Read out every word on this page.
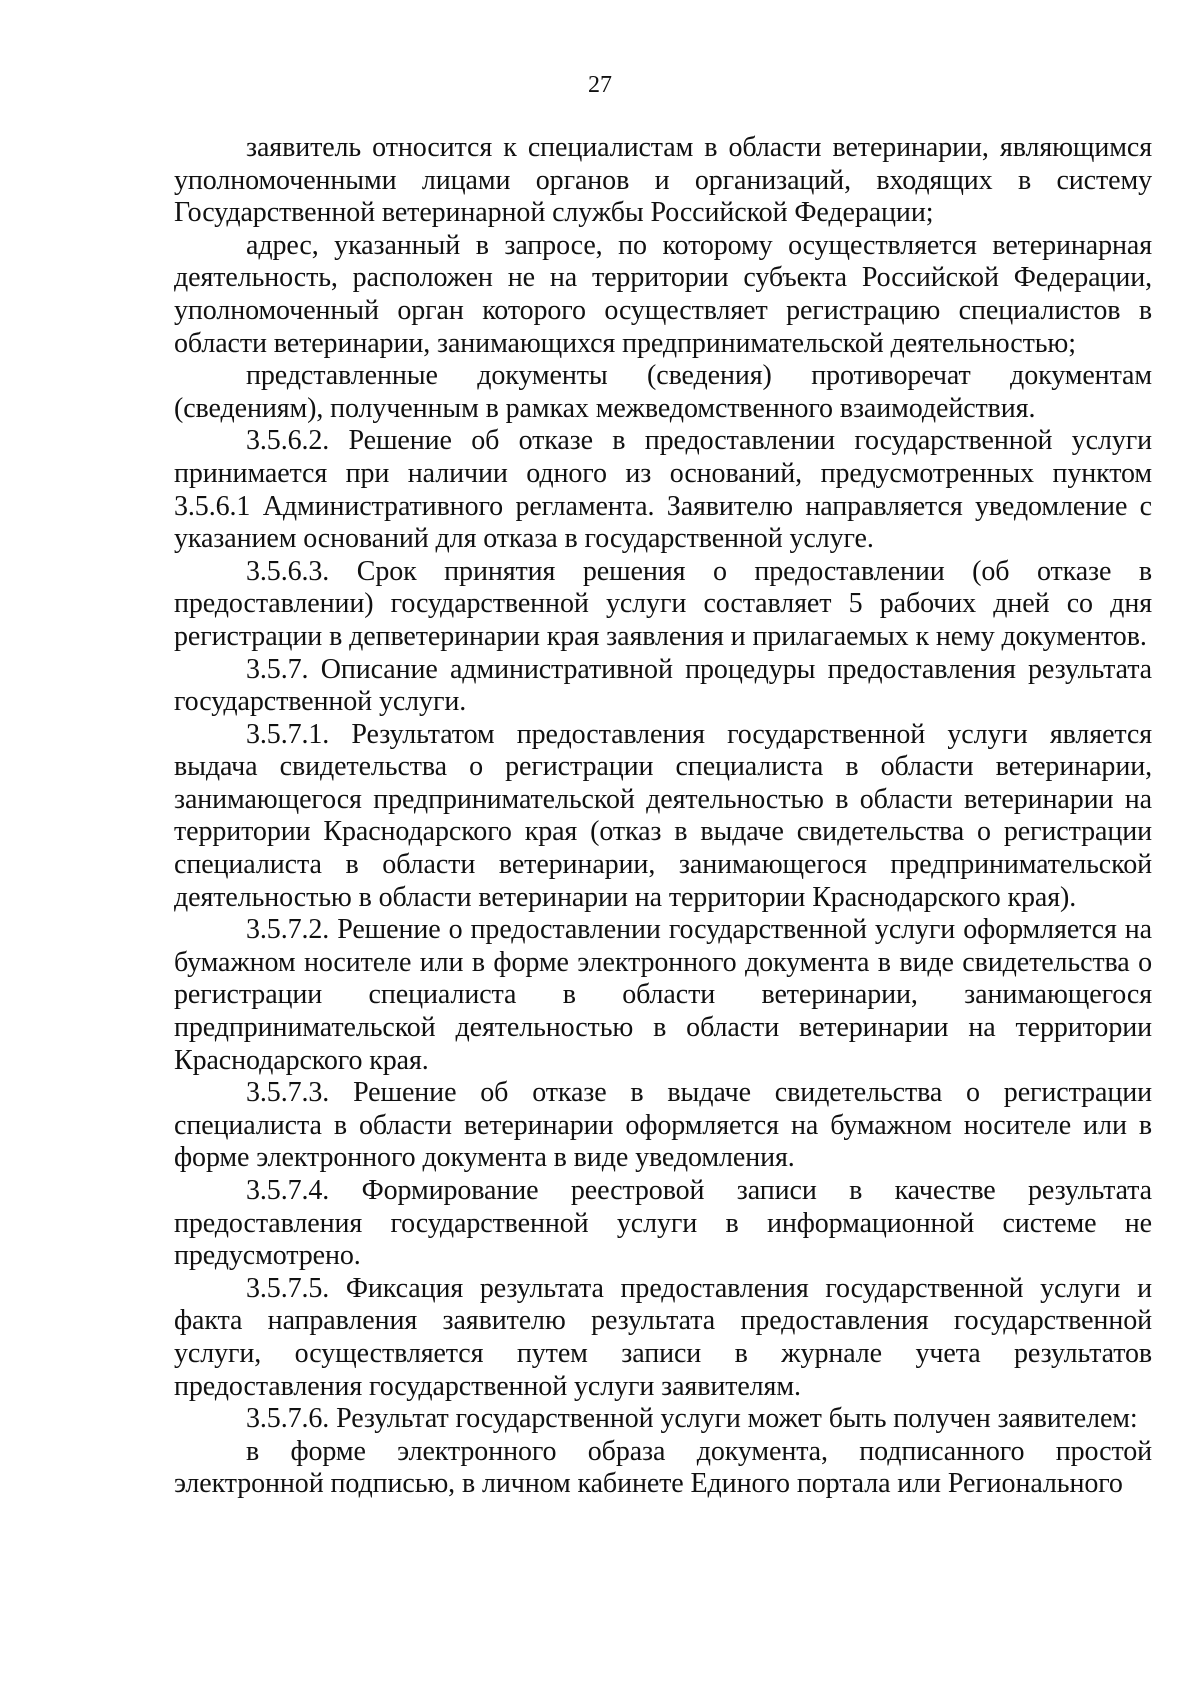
27

заявитель относится к специалистам в области ветеринарии, являющимся уполномоченными лицами органов и организаций, входящих в систему Государственной ветеринарной службы Российской Федерации;

адрес, указанный в запросе, по которому осуществляется ветеринарная деятельность, расположен не на территории субъекта Российской Федерации, уполномоченный орган которого осуществляет регистрацию специалистов в области ветеринарии, занимающихся предпринимательской деятельностью;

представленные документы (сведения) противоречат документам (сведениям), полученным в рамках межведомственного взаимодействия.

3.5.6.2. Решение об отказе в предоставлении государственной услуги принимается при наличии одного из оснований, предусмотренных пунктом 3.5.6.1 Административного регламента. Заявителю направляется уведомление с указанием оснований для отказа в государственной услуге.

3.5.6.3. Срок принятия решения о предоставлении (об отказе в предоставлении) государственной услуги составляет 5 рабочих дней со дня регистрации в депветеринарии края заявления и прилагаемых к нему документов.

3.5.7. Описание административной процедуры предоставления результата государственной услуги.

3.5.7.1. Результатом предоставления государственной услуги является выдача свидетельства о регистрации специалиста в области ветеринарии, занимающегося предпринимательской деятельностью в области ветеринарии на территории Краснодарского края (отказ в выдаче свидетельства о регистрации специалиста в области ветеринарии, занимающегося предпринимательской деятельностью в области ветеринарии на территории Краснодарского края).

3.5.7.2. Решение о предоставлении государственной услуги оформляется на бумажном носителе или в форме электронного документа в виде свидетельства о регистрации специалиста в области ветеринарии, занимающегося предпринимательской деятельностью в области ветеринарии на территории Краснодарского края.

3.5.7.3. Решение об отказе в выдаче свидетельства о регистрации специалиста в области ветеринарии оформляется на бумажном носителе или в форме электронного документа в виде уведомления.

3.5.7.4. Формирование реестровой записи в качестве результата предоставления государственной услуги в информационной системе не предусмотрено.

3.5.7.5. Фиксация результата предоставления государственной услуги и факта направления заявителю результата предоставления государственной услуги, осуществляется путем записи в журнале учета результатов предоставления государственной услуги заявителям.

3.5.7.6. Результат государственной услуги может быть получен заявителем:

в форме электронного образа документа, подписанного простой электронной подписью, в личном кабинете Единого портала или Регионального
